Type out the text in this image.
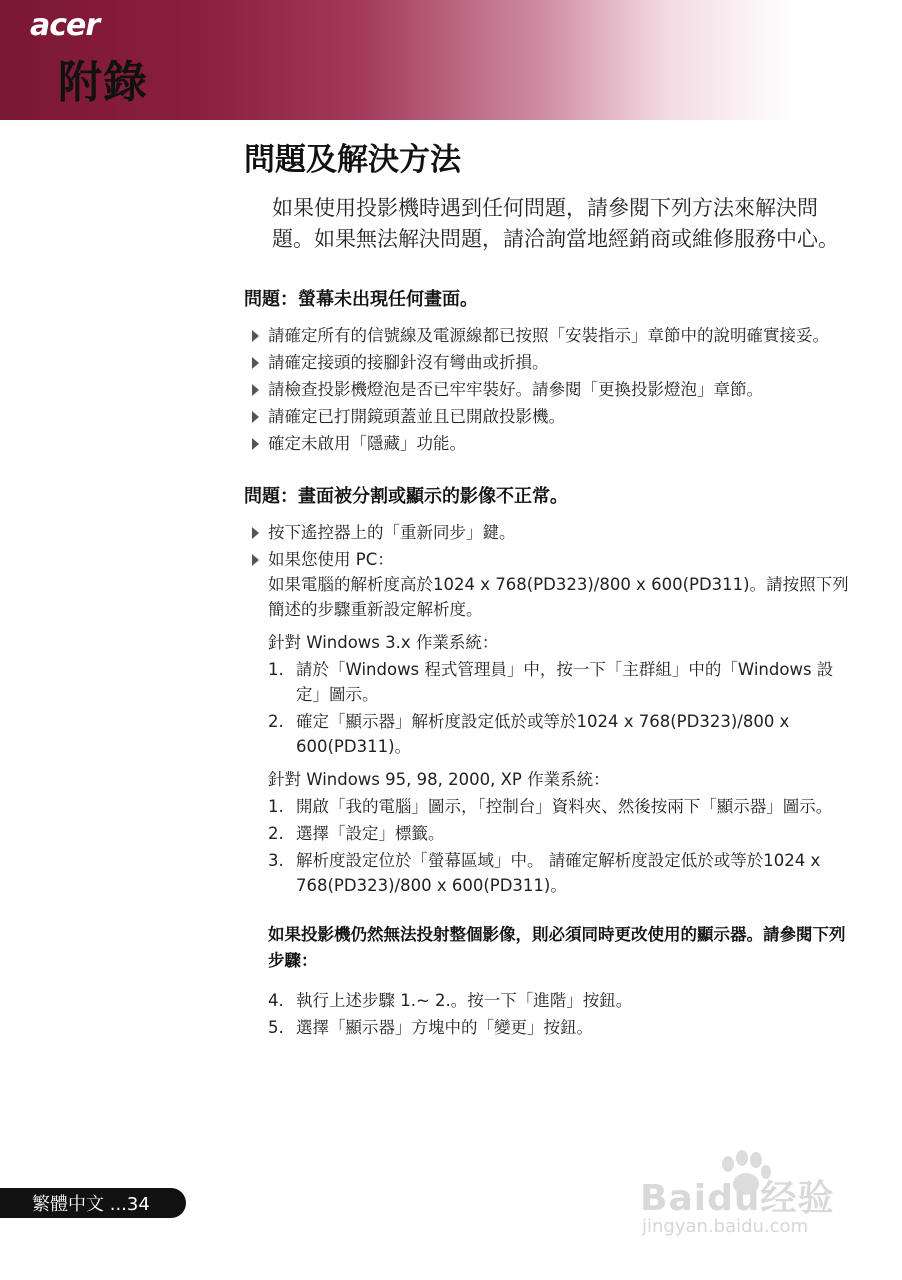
acer
附錄
問題及解決方法
如果使用投影機時遇到任何問題，請參閱下列方法來解決問題。如果無法解決問題，請洽詢當地經銷商或維修服務中心。
問題：螢幕未出現任何畫面。
請確定所有的信號線及電源線都已按照「安裝指示」章節中的說明確實接妥。
請確定接頭的接腳針沒有彎曲或折損。
請檢查投影機燈泡是否已牢牢裝好。請參閱「更換投影燈泡」章節。
請確定已打開鏡頭蓋並且已開啟投影機。
確定未啟用「隱藏」功能。
問題：畫面被分割或顯示的影像不正常。
按下遙控器上的「重新同步」鍵。
如果您使用 PC：
如果電腦的解析度高於1024 x 768(PD323)/800 x 600(PD311)。請按照下列簡述的步驟重新設定解析度。
針對 Windows 3.x 作業系統：
1. 請於「Windows 程式管理員」中，按一下「主群組」中的「Windows 設定」圖示。
2. 確定「顯示器」解析度設定低於或等於1024 x 768(PD323)/800 x 600(PD311)。
針對 Windows 95, 98, 2000, XP 作業系統：
1. 開啟「我的電腦」圖示，「控制台」資料夾、然後按兩下「顯示器」圖示。
2. 選擇「設定」標籤。
3. 解析度設定位於「螢幕區域」中。 請確定解析度設定低於或等於1024 x 768(PD323)/800 x 600(PD311)。
如果投影機仍然無法投射整個影像，則必須同時更改使用的顯示器。請參閱下列步驟：
4. 執行上述步驟 1.~ 2.。按一下「進階」按鈕。
5. 選擇「顯示器」方塊中的「變更」按鈕。
繁體中文 ...34	Baidu经验
jingyan.baidu.com
